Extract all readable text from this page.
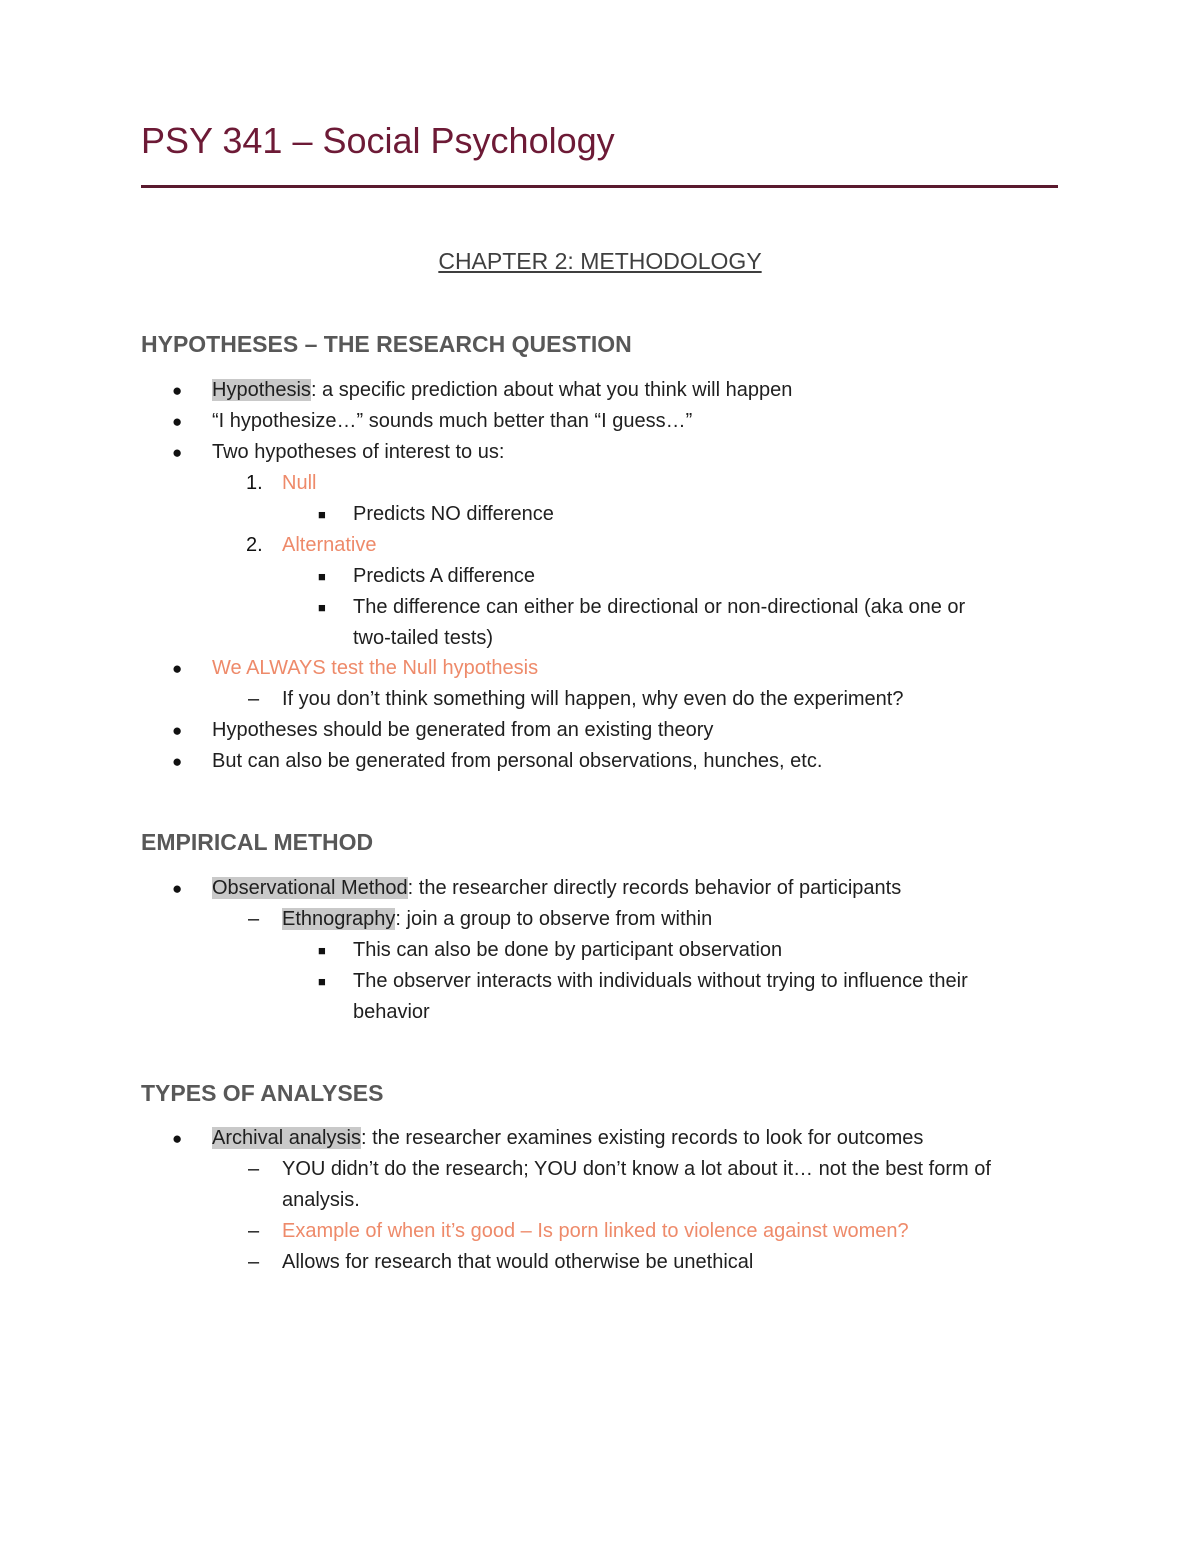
PSY 341 – Social Psychology
CHAPTER 2: METHODOLOGY
HYPOTHESES – THE RESEARCH QUESTION
● Hypothesis: a specific prediction about what you think will happen
● “I hypothesize…” sounds much better than “I guess…”
● Two hypotheses of interest to us:
1. Null
■ Predicts NO difference
2. Alternative
■ Predicts A difference
■ The difference can either be directional or non-directional (aka one or
two-tailed tests)
● We ALWAYS test the Null hypothesis
– If you don’t think something will happen, why even do the experiment?
● Hypotheses should be generated from an existing theory
● But can also be generated from personal observations, hunches, etc.
EMPIRICAL METHOD
● Observational Method: the researcher directly records behavior of participants
– Ethnography: join a group to observe from within
■ This can also be done by participant observation
■ The observer interacts with individuals without trying to influence their
behavior
TYPES OF ANALYSES
● Archival analysis: the researcher examines existing records to look for outcomes
– YOU didn’t do the research; YOU don’t know a lot about it… not the best form of
analysis.
– Example of when it’s good – Is porn linked to violence against women?
– Allows for research that would otherwise be unethical
